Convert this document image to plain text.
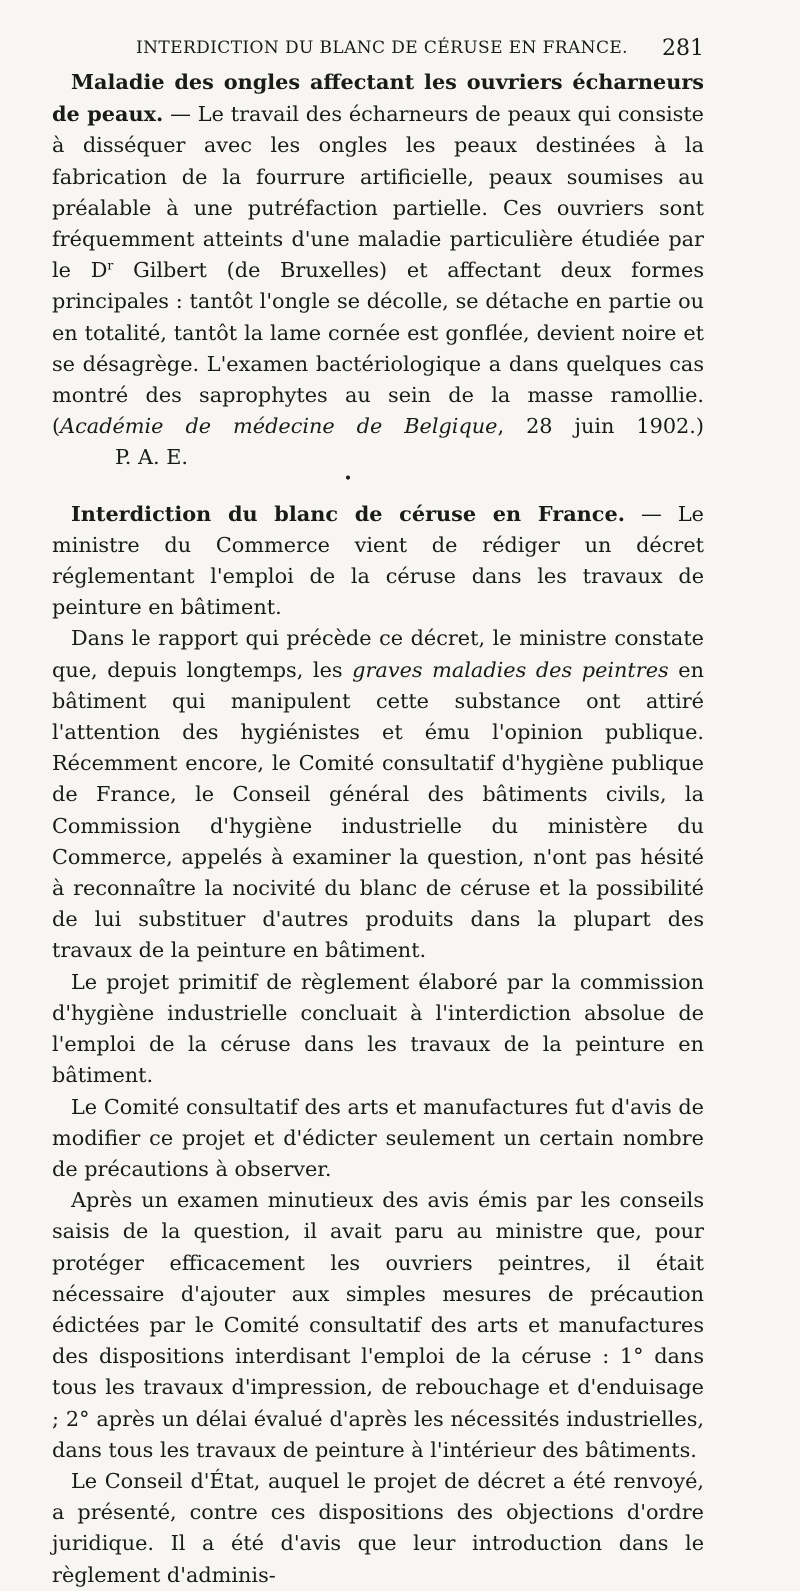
INTERDICTION DU BLANC DE CÉRUSE EN FRANCE. 281

Maladie des ongles affectant les ouvriers écharneurs de peaux. — Le travail des écharneurs de peaux qui consiste à disséquer avec les ongles les peaux destinées à la fabrication de la fourrure artificielle, peaux soumises au préalable à une putréfaction partielle. Ces ouvriers sont fréquemment atteints d'une maladie particulière étudiée par le $D^r$ Gilbert (de Bruxelles) et affectant deux formes principales : tantôt l'ongle se décolle, se détache en partie ou en totalité, tantôt la lame cornée est gonflée, devient noire et se désagrège. L'examen bactériologique a dans quelques cas montré des saprophytes au sein de la masse ramollie. (Académie de médecine de Belgique, 28 juin 1902.)P. A. E.

•

Interdiction du blanc de céruse en France. — Le ministre du Commerce vient de rédiger un décret réglementant l'emploi de la céruse dans les travaux de peinture en bâtiment.

Dans le rapport qui précède ce décret, le ministre constate que, depuis longtemps, les graves maladies des peintres en bâtiment qui manipulent cette substance ont attiré l'attention des hygiénistes et ému l'opinion publique. Récemment encore, le Comité consultatif d'hygiène publique de France, le Conseil général des bâtiments civils, la Commission d'hygiène industrielle du ministère du Commerce, appelés à examiner la question, n'ont pas hésité à reconnaître la nocivité du blanc de céruse et la possibilité de lui substituer d'autres produits dans la plupart des travaux de la peinture en bâtiment.

Le projet primitif de règlement élaboré par la commission d'hygiène industrielle concluait à l'interdiction absolue de l'emploi de la céruse dans les travaux de la peinture en bâtiment.

Le Comité consultatif des arts et manufactures fut d'avis de modifier ce projet et d'édicter seulement un certain nombre de précautions à observer.

Après un examen minutieux des avis émis par les conseils saisis de la question, il avait paru au ministre que, pour protéger efficacement les ouvriers peintres, il était nécessaire d'ajouter aux simples mesures de précaution édictées par le Comité consultatif des arts et manufactures des dispositions interdisant l'emploi de la céruse : 1° dans tous les travaux d'impression, de rebouchage et d'enduisage ; 2° après un délai évalué d'après les nécessités industrielles, dans tous les travaux de peinture à l'intérieur des bâtiments.

Le Conseil d'État, auquel le projet de décret a été renvoyé, a présenté, contre ces dispositions des objections d'ordre juridique. Il a été d'avis que leur introduction dans le règlement d'adminis-
